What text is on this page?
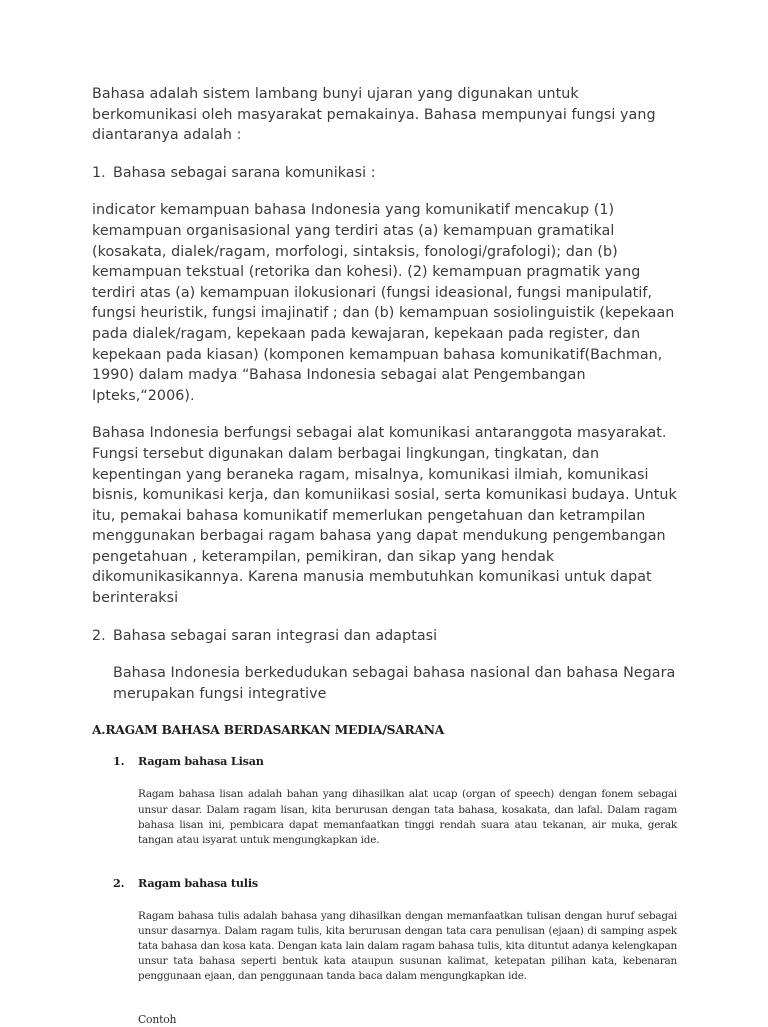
Bahasa adalah sistem lambang bunyi ujaran yang digunakan untuk berkomunikasi oleh masyarakat pemakainya. Bahasa mempunyai fungsi yang diantaranya adalah :

1. Bahasa sebagai sarana komunikasi :

indicator kemampuan bahasa Indonesia yang komunikatif mencakup (1) kemampuan organisasional yang terdiri atas (a) kemampuan gramatikal (kosakata, dialek/ragam, morfologi, sintaksis, fonologi/grafologi); dan (b) kemampuan tekstual (retorika dan kohesi). (2) kemampuan pragmatik yang terdiri atas (a) kemampuan ilokusionari (fungsi ideasional, fungsi manipulatif, fungsi heuristik, fungsi imajinatif ; dan (b) kemampuan sosiolinguistik (kepekaan pada dialek/ragam, kepekaan pada kewajaran, kepekaan pada register, dan kepekaan pada kiasan) (komponen kemampuan bahasa komunikatif(Bachman, 1990) dalam madya “Bahasa Indonesia sebagai alat Pengembangan Ipteks,“2006).

Bahasa Indonesia berfungsi sebagai alat komunikasi antaranggota masyarakat. Fungsi tersebut digunakan dalam berbagai lingkungan, tingkatan, dan kepentingan yang beraneka ragam, misalnya, komunikasi ilmiah, komunikasi bisnis, komunikasi kerja, dan komuniikasi sosial, serta komunikasi budaya. Untuk itu, pemakai bahasa komunikatif memerlukan pengetahuan dan ketrampilan menggunakan berbagai ragam bahasa yang dapat mendukung pengembangan pengetahuan , keterampilan, pemikiran, dan sikap yang hendak dikomunikasikannya. Karena manusia membutuhkan komunikasi untuk dapat berinteraksi

2. Bahasa sebagai saran integrasi dan adaptasi

Bahasa Indonesia berkedudukan sebagai bahasa nasional dan bahasa Negara merupakan fungsi integrative

A.RAGAM BAHASA BERDASARKAN MEDIA/SARANA

1. Ragam bahasa Lisan

Ragam bahasa lisan adalah bahan yang dihasilkan alat ucap (organ of speech) dengan fonem sebagai unsur dasar. Dalam ragam lisan, kita berurusan dengan tata bahasa, kosakata, dan lafal. Dalam ragam bahasa lisan ini, pembicara dapat memanfaatkan tinggi rendah suara atau tekanan, air muka, gerak tangan atau isyarat untuk mengungkapkan ide.

2. Ragam bahasa tulis

Ragam bahasa tulis adalah bahasa yang dihasilkan dengan memanfaatkan tulisan dengan huruf sebagai unsur dasarnya. Dalam ragam tulis, kita berurusan dengan tata cara penulisan (ejaan) di samping aspek tata bahasa dan kosa kata. Dengan kata lain dalam ragam bahasa tulis, kita dituntut adanya kelengkapan unsur tata bahasa seperti bentuk kata ataupun susunan kalimat, ketepatan pilihan kata, kebenaran penggunaan ejaan, dan penggunaan tanda baca dalam mengungkapkan ide.

Contoh
